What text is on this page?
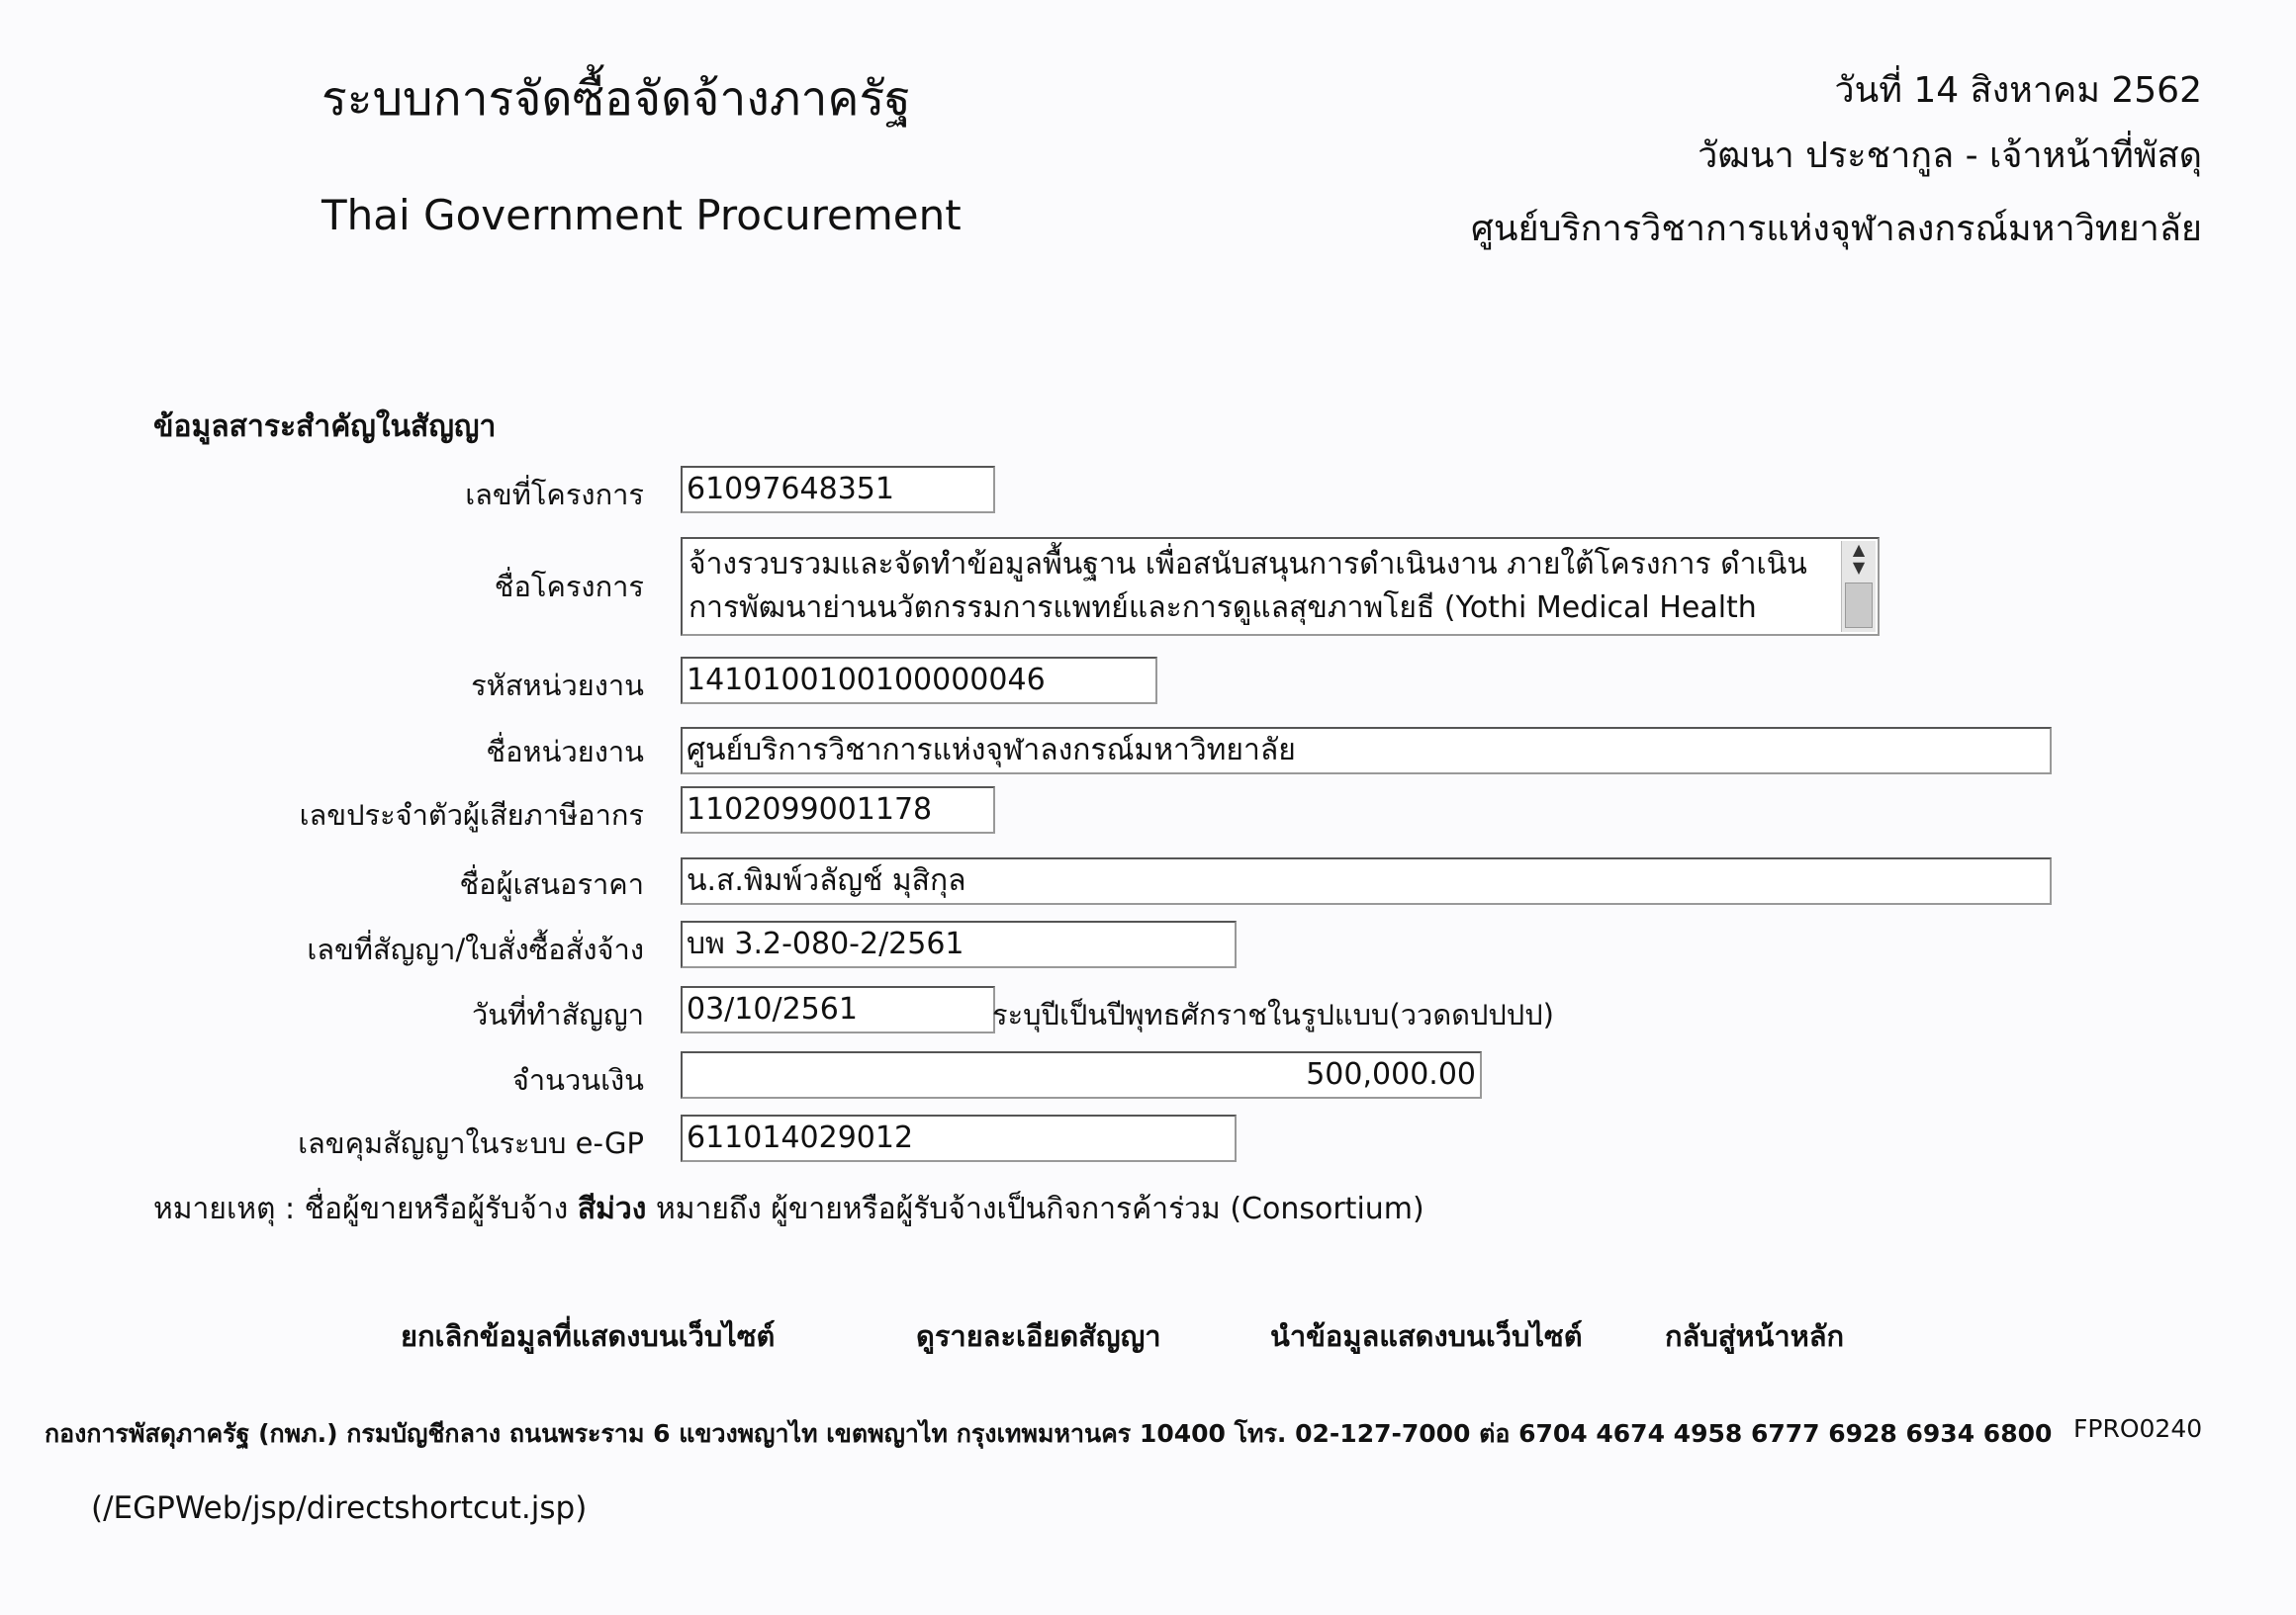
ระบบการจัดซื้อจัดจ้างภาครัฐ
Thai Government Procurement
วันที่ 14 สิงหาคม 2562
วัฒนา ประชากูล - เจ้าหน้าที่พัสดุ
ศูนย์บริการวิชาการแห่งจุฬาลงกรณ์มหาวิทยาลัย
ข้อมูลสาระสำคัญในสัญญา
เลขที่โครงการ 61097648351
ชื่อโครงการ
จ้างรวบรวมและจัดทำข้อมูลพื้นฐาน เพื่อสนับสนุนการดำเนินงาน ภายใต้โครงการ ดำเนิน
การพัฒนาย่านนวัตกรรมการแพทย์และการดูแลสุขภาพโยธี (Yothi Medical Health
▲
▼
รหัสหน่วยงาน 1410100100100000046
ชื่อหน่วยงาน ศูนย์บริการวิชาการแห่งจุฬาลงกรณ์มหาวิทยาลัย
เลขประจำตัวผู้เสียภาษีอากร 1102099001178
ชื่อผู้เสนอราคา น.ส.พิมพ์วลัญช์ มุสิกุล
เลขที่สัญญา/ใบสั่งซื้อสั่งจ้าง บพ 3.2-080-2/2561
วันที่ทำสัญญา 03/10/2561	ระบุปีเป็นปีพุทธศักราชในรูปแบบ(ววดดปปปป)
จำนวนเงิน	500,000.00
เลขคุมสัญญาในระบบ e-GP 611014029012
หมายเหตุ : ชื่อผู้ขายหรือผู้รับจ้าง สีม่วง หมายถึง ผู้ขายหรือผู้รับจ้างเป็นกิจการค้าร่วม (Consortium)
ยกเลิกข้อมูลที่แสดงบนเว็บไซต์	ดูรายละเอียดสัญญา	นำข้อมูลแสดงบนเว็บไซต์	กลับสู่หน้าหลัก
กองการพัสดุภาครัฐ (กพภ.) กรมบัญชีกลาง ถนนพระราม 6 แขวงพญาไท เขตพญาไท กรุงเทพมหานคร 10400 โทร. 02-127-7000 ต่อ 6704 4674 4958 6777 6928 6934 6800 FPRO0240
(/EGPWeb/jsp/directshortcut.jsp)
